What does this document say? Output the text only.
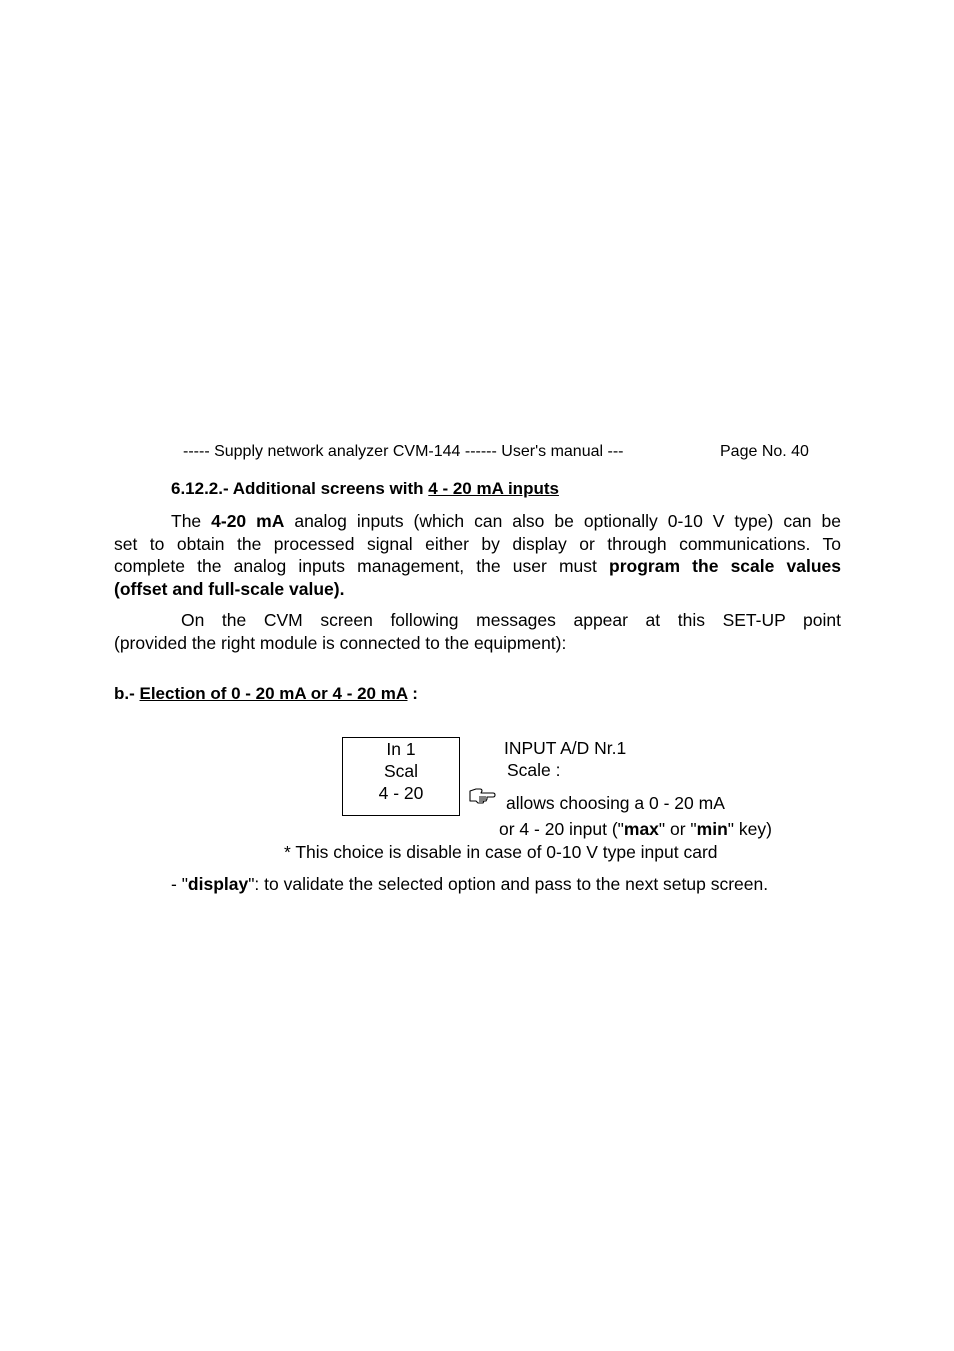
----- Supply network analyzer CVM-144 ------ User's manual ---	Page No. 40
6.12.2.- Additional screens with 4 - 20 mA inputs
The 4-20 mA analog inputs (which can also be optionally 0-10 V type) can be
set to obtain the processed signal either by display or through communications. To
complete the analog inputs management, the user must program the scale values
(offset and full-scale value).
On the CVM screen following messages appear at this SET-UP point
(provided the right module is connected to the equipment):
b.- Election of 0 - 20 mA or 4 - 20 mA :
In 1
Scal
4 - 20
INPUT A/D Nr.1
Scale :
allows choosing a 0 - 20 mA
or 4 - 20 input ("max" or "min" key)
* This choice is disable in case of 0-10 V type input card
- "display": to validate the selected option and pass to the next setup screen.
